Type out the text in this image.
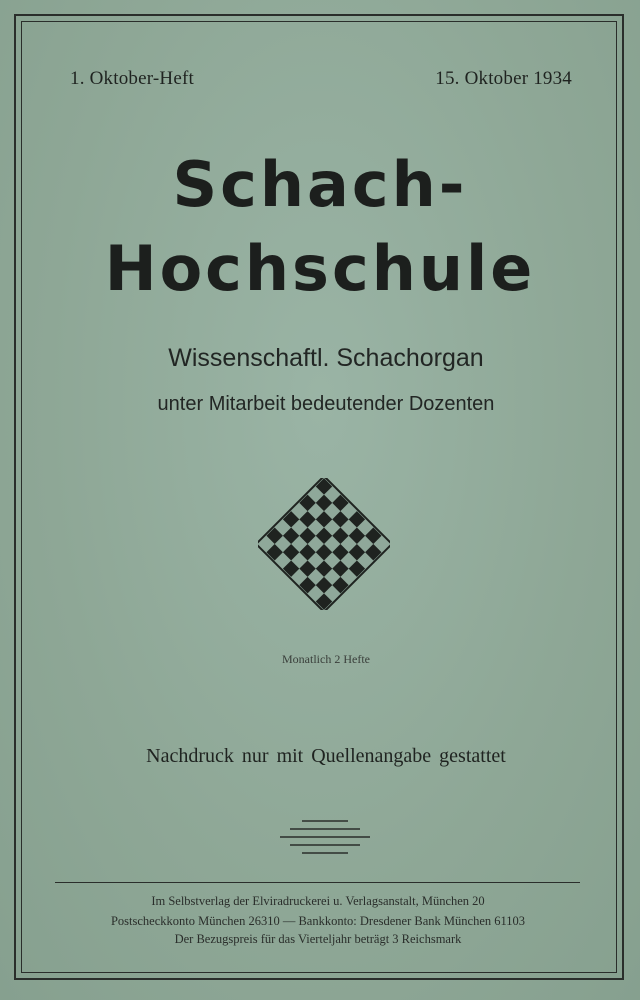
1. Oktober-Heft	15. Oktober 1934
Schach-
Hochschule
Wissenschaftl. Schachorgan
unter Mitarbeit bedeutender Dozenten
Monatlich 2 Hefte
Nachdruck nur mit Quellenangabe gestattet
Im Selbstverlag der Elviradruckerei u. Verlagsanstalt, München 20
Postscheckkonto München 26310 — Bankkonto: Dresdener Bank München 61103
Der Bezugspreis für das Vierteljahr beträgt 3 Reichsmark
